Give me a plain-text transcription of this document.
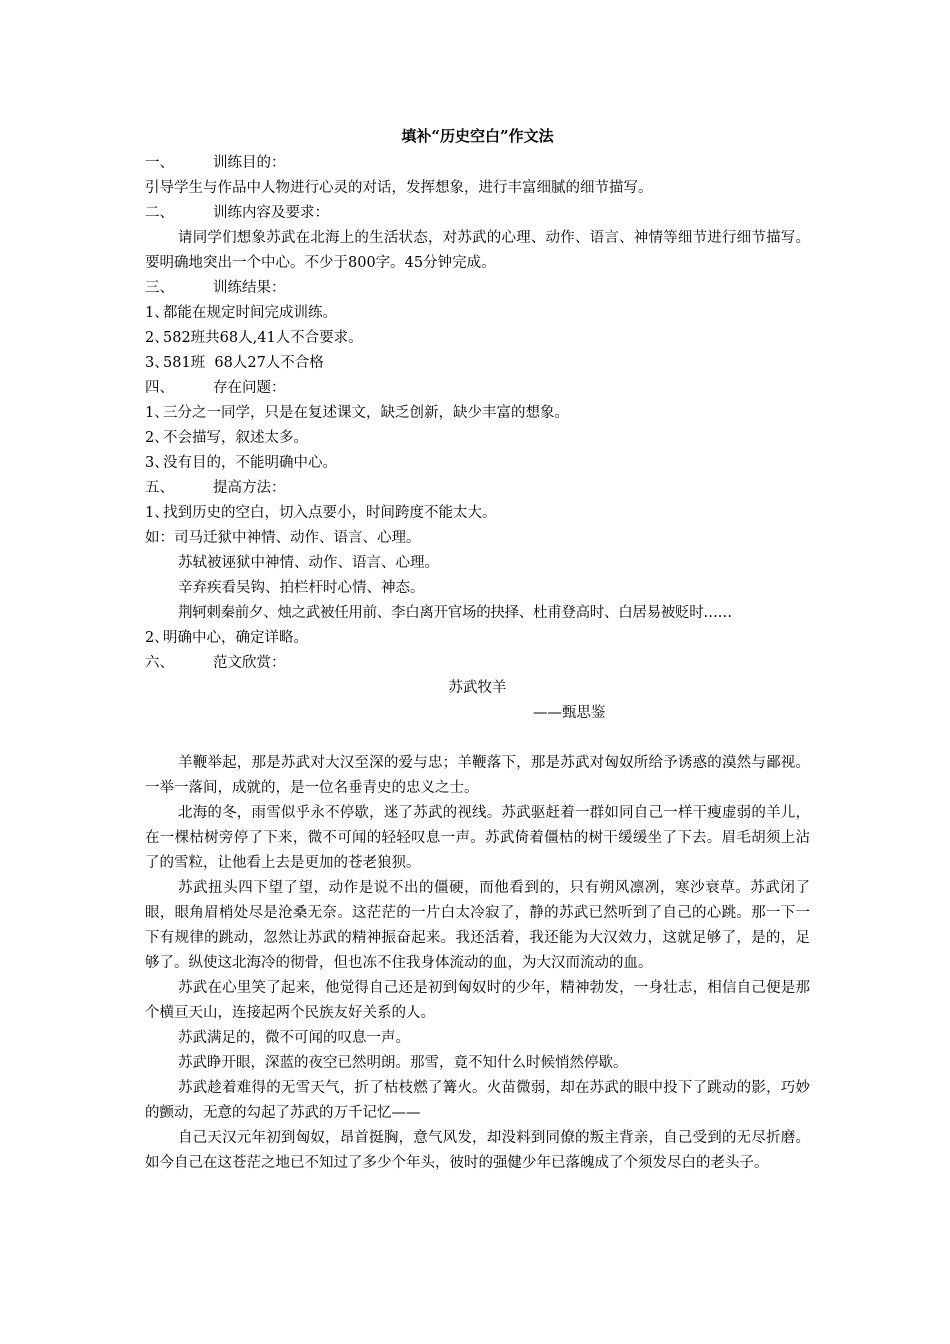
填补“历史空白”作文法
一、	训练目的：
引导学生与作品中人物进行心灵的对话，发挥想象，进行丰富细腻的细节描写。
二、	训练内容及要求：

请同学们想象苏武在北海上的生活状态，对苏武的心理、动作、语言、神情等细节进行细节描写。要明确地突出一个中心。不少于800字。45分钟完成。

三、	训练结果：
1、
都能在规定时间完成训练。
2、
582班共68人,41人不合要求。
3、
581班  68人27人不合格
四、	存在问题：
1、
三分之一同学，只是在复述课文，缺乏创新，缺少丰富的想象。
2、
不会描写，叙述太多。
3、
没有目的，不能明确中心。
五、	提高方法：
1、
找到历史的空白，切入点要小，时间跨度不能太大。
如：司马迁狱中神情、动作、语言、心理。
苏轼被诬狱中神情、动作、语言、心理。
辛弃疾看吴钩、拍栏杆时心情、神态。
荆轲刺秦前夕、烛之武被任用前、李白离开官场的抉择、杜甫登高时、白居易被贬时……
2、
明确中心，确定详略。
六、	范文欣赏：
苏武牧羊
——甄思鉴

羊鞭举起，那是苏武对大汉至深的爱与忠；羊鞭落下，那是苏武对匈奴所给予诱惑的漠然与鄙视。一举一落间，成就的，是一位名垂青史的忠义之士。

北海的冬，雨雪似乎永不停歇，迷了苏武的视线。苏武驱赶着一群如同自己一样干瘦虚弱的羊儿，在一棵枯树旁停了下来，微不可闻的轻轻叹息一声。苏武倚着僵枯的树干缓缓坐了下去。眉毛胡须上沾了的雪粒，让他看上去是更加的苍老狼狈。

苏武扭头四下望了望，动作是说不出的僵硬，而他看到的，只有朔风凛冽，寒沙衰草。苏武闭了眼，眼角眉梢处尽是沧桑无奈。这茫茫的一片白太冷寂了，静的苏武已然听到了自己的心跳。那一下一下有规律的跳动，忽然让苏武的精神振奋起来。我还活着，我还能为大汉效力，这就足够了，是的，足够了。纵使这北海冷的彻骨，但也冻不住我身体流动的血，为大汉而流动的血。

苏武在心里笑了起来，他觉得自己还是初到匈奴时的少年，精神勃发，一身壮志，相信自己便是那个横亘天山，连接起两个民族友好关系的人。

苏武满足的，微不可闻的叹息一声。

苏武睁开眼，深蓝的夜空已然明朗。那雪，竟不知什么时候悄然停歇。

苏武趁着难得的无雪天气，折了枯枝燃了篝火。火苗微弱，却在苏武的眼中投下了跳动的影，巧妙的颤动，无意的勾起了苏武的万千记忆——

自己天汉元年初到匈奴，昂首挺胸，意气风发，却没料到同僚的叛主背亲，自己受到的无尽折磨。如今自己在这苍茫之地已不知过了多少个年头，彼时的强健少年已落魄成了个须发尽白的老头子。
